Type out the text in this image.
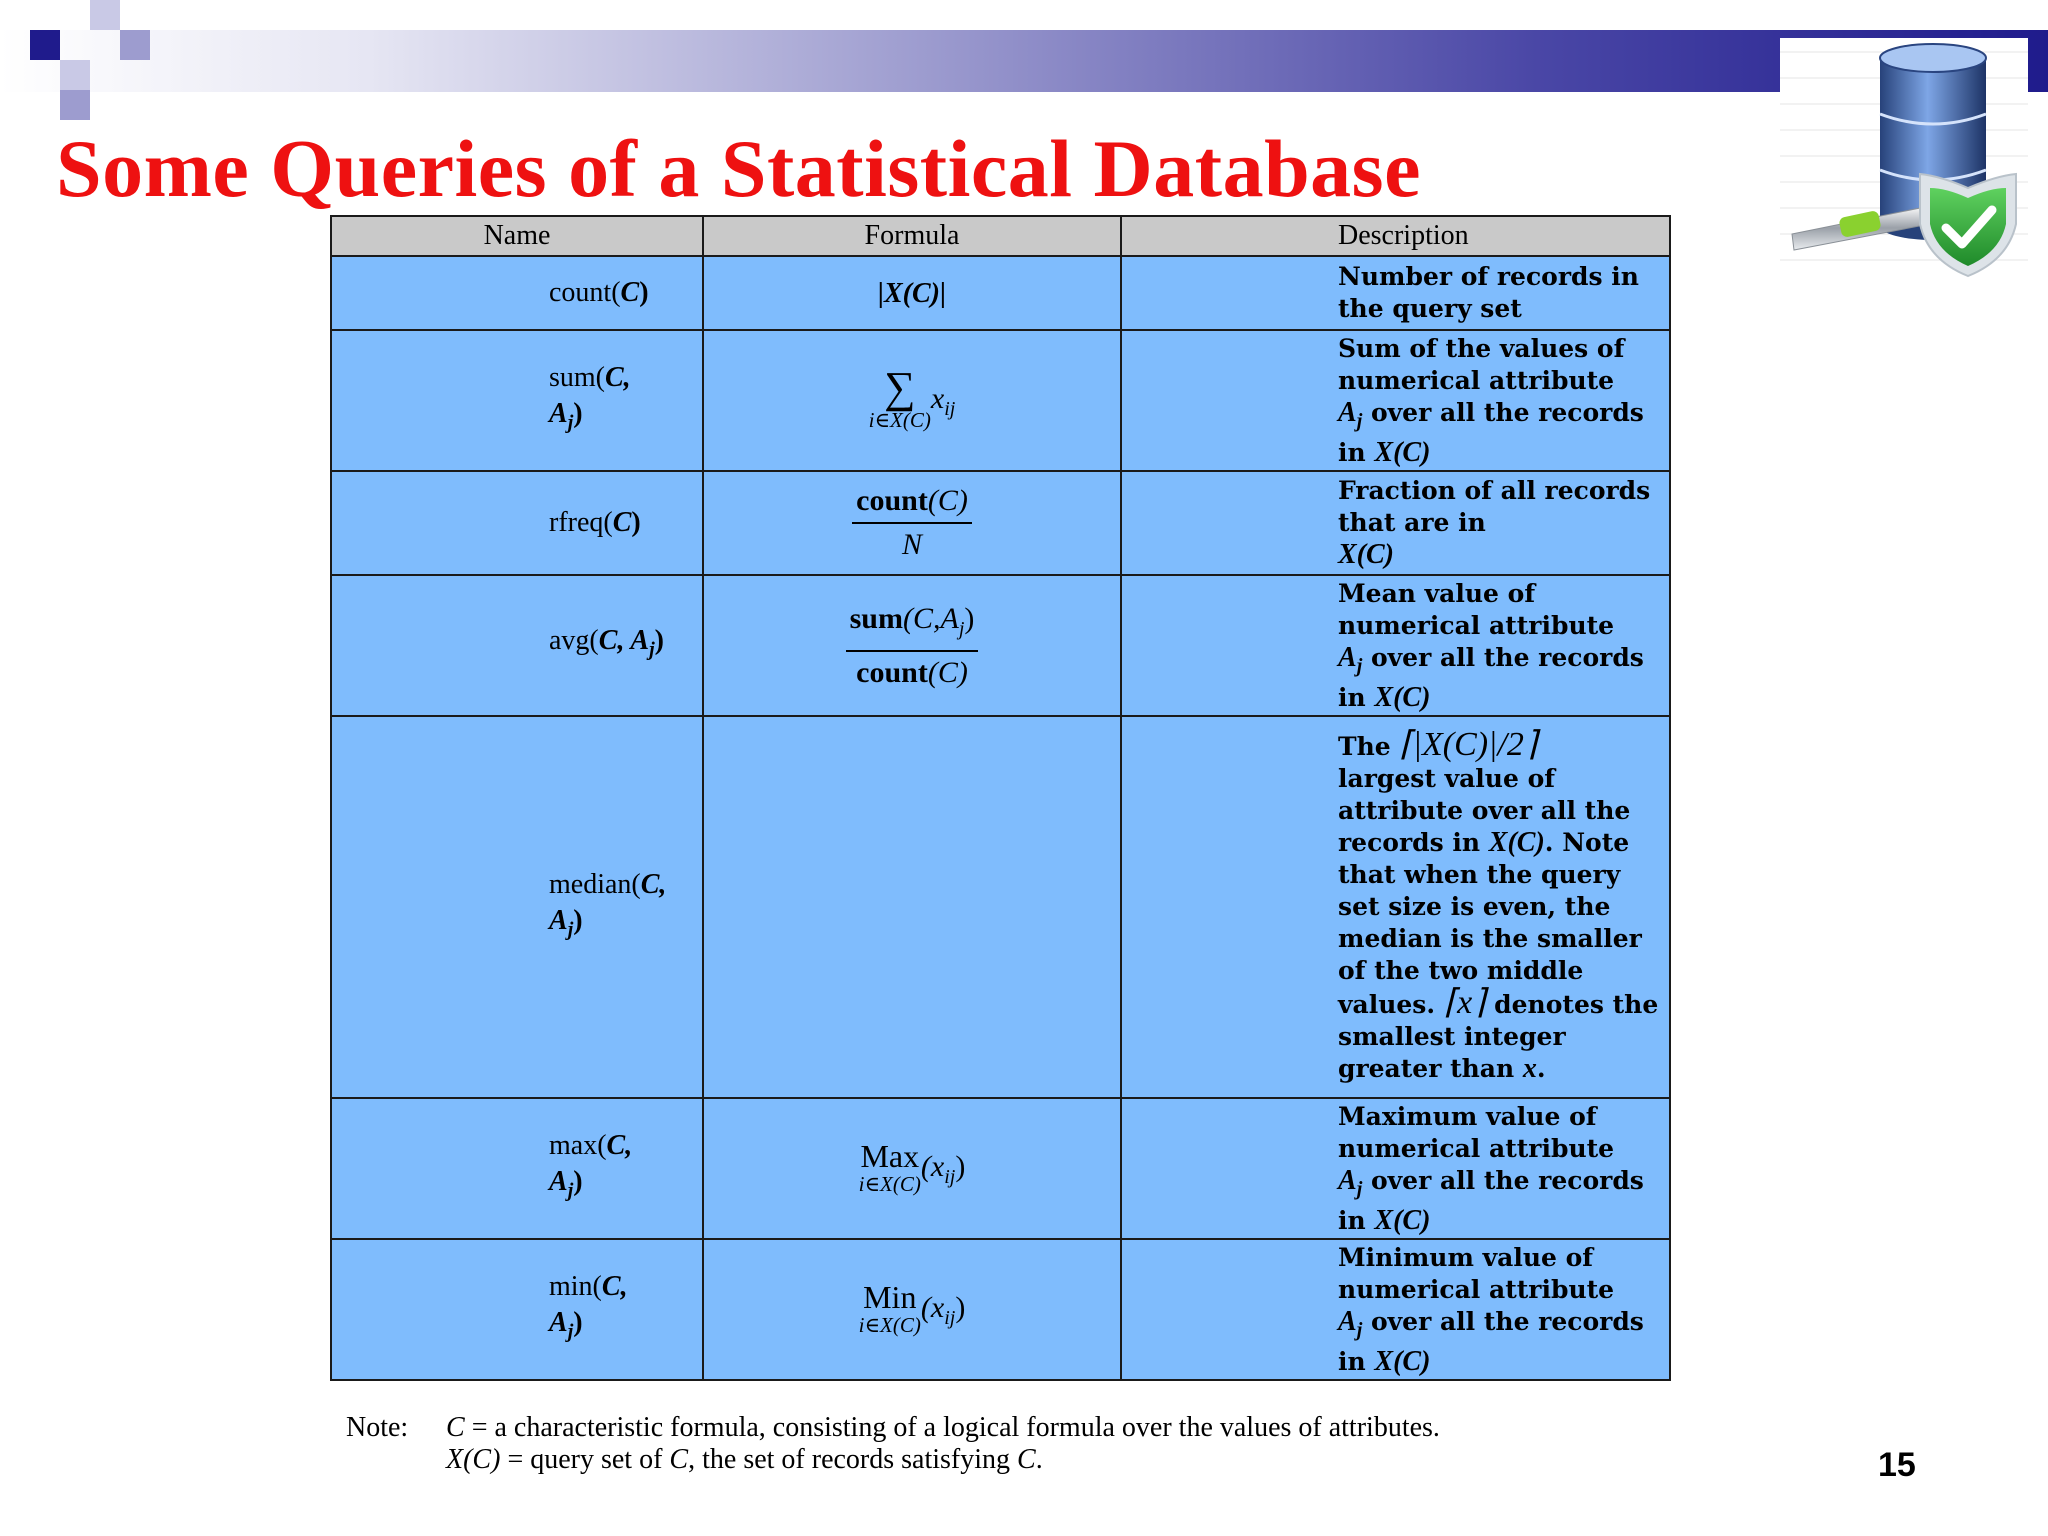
Some Queries of a Statistical Database
Name	Formula	Description
count(C)	|X(C)|	Number of records in the query set
sum(C,
$A_j$)	∑
i∈X(C)
$x_{ij}$	Sum of the values of numerical attribute
$A_j$ over all the records in X(C)
rfreq(C)	$\frac{\text{count(C)}}{N}$	Fraction of all records that are in
X(C)
avg(C, $A_j$)	$\frac{sum(C,A_j)}{\text{count(C)}}$	Mean value of numerical attribute
$A_j$ over all the records in X(C)
median(C,
$A_j$)		The ⌈|X(C)|/2⌉
largest value of attribute over all the records in X(C). Note that when the query set size is even, the median is the smaller of the two middle values. ⌈x⌉ denotes the smallest integer greater than x.
max(C,
$A_j$)	Max
i∈X(C)
$(x_{ij})$	Maximum value of numerical attribute
$A_j$ over all the records in X(C)
min(C,
$A_j$)	Min
i∈X(C)
$(x_{ij})$	Minimum value of numerical attribute
$A_j$ over all the records in X(C)
Note: C = a characteristic formula, consisting of a logical formula over the values of attributes.
X(C) = query set of C, the set of records satisfying C.	15
